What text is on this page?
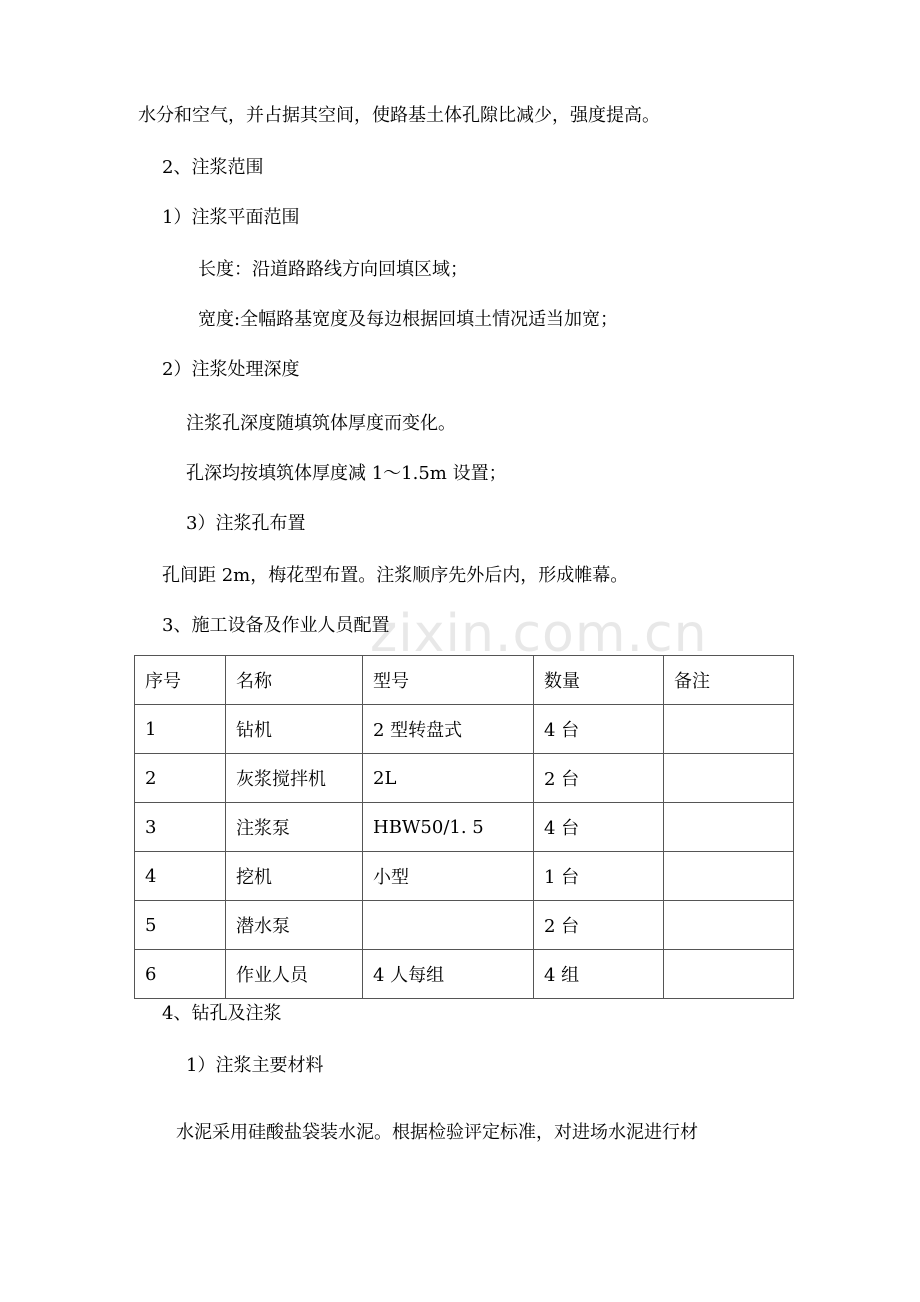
水分和空气，并占据其空间，使路基土体孔隙比减少，强度提高。
2、注浆范围
1）注浆平面范围
长度：沿道路路线方向回填区域；
宽度:全幅路基宽度及每边根据回填土情况适当加宽；
2）注浆处理深度
注浆孔深度随填筑体厚度而变化。
孔深均按填筑体厚度减 1～1.5m 设置；
3）注浆孔布置
孔间距 2m，梅花型布置。注浆顺序先外后内，形成帷幕。
3、施工设备及作业人员配置
zixin.com.cn
序号	名称	型号	数量	备注
1	钻机	2 型转盘式	4 台	
2	灰浆搅拌机	2L	2 台	
3	注浆泵	HBW50/1. 5	4 台	
4	挖机	小型	1 台	
5	潜水泵		2 台	
6	作业人员	4 人每组	4 组	
4、钻孔及注浆
1）注浆主要材料
水泥采用硅酸盐袋装水泥。根据检验评定标准，对进场水泥进行材
